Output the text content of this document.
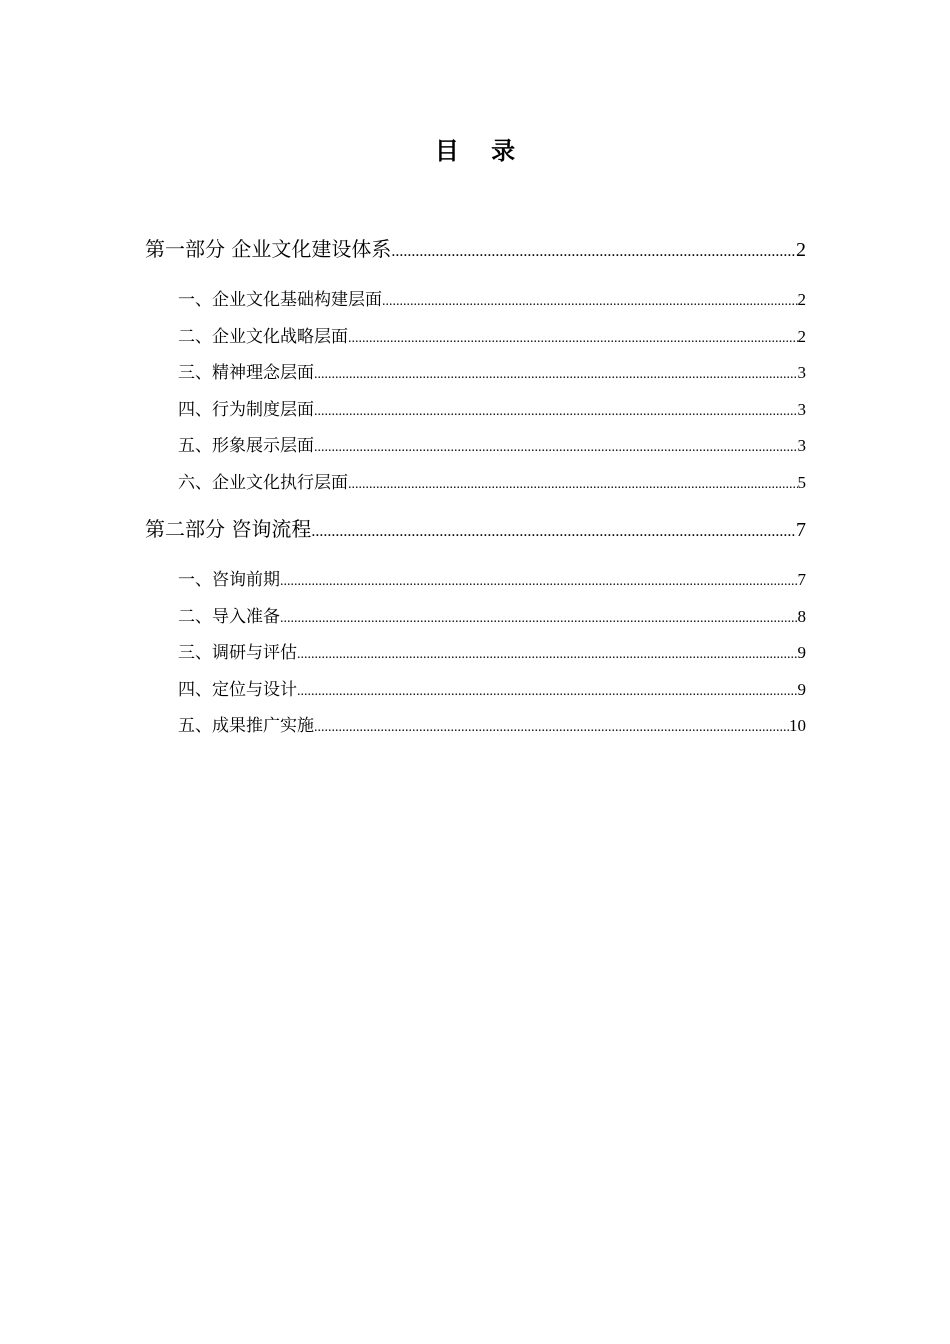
目 录
第一部分 企业文化建设体系 .....	2
一、企业文化基础构建层面 .....	2
二、企业文化战略层面 .....	2
三、精神理念层面 .....	3
四、行为制度层面 .....	3
五、形象展示层面 .....	3
六、企业文化执行层面 .....	5
第二部分 咨询流程 .....	7
一、咨询前期 .....	7
二、导入准备 .....	8
三、调研与评估 .....	9
四、定位与设计 .....	9
五、成果推广实施 .....	10
